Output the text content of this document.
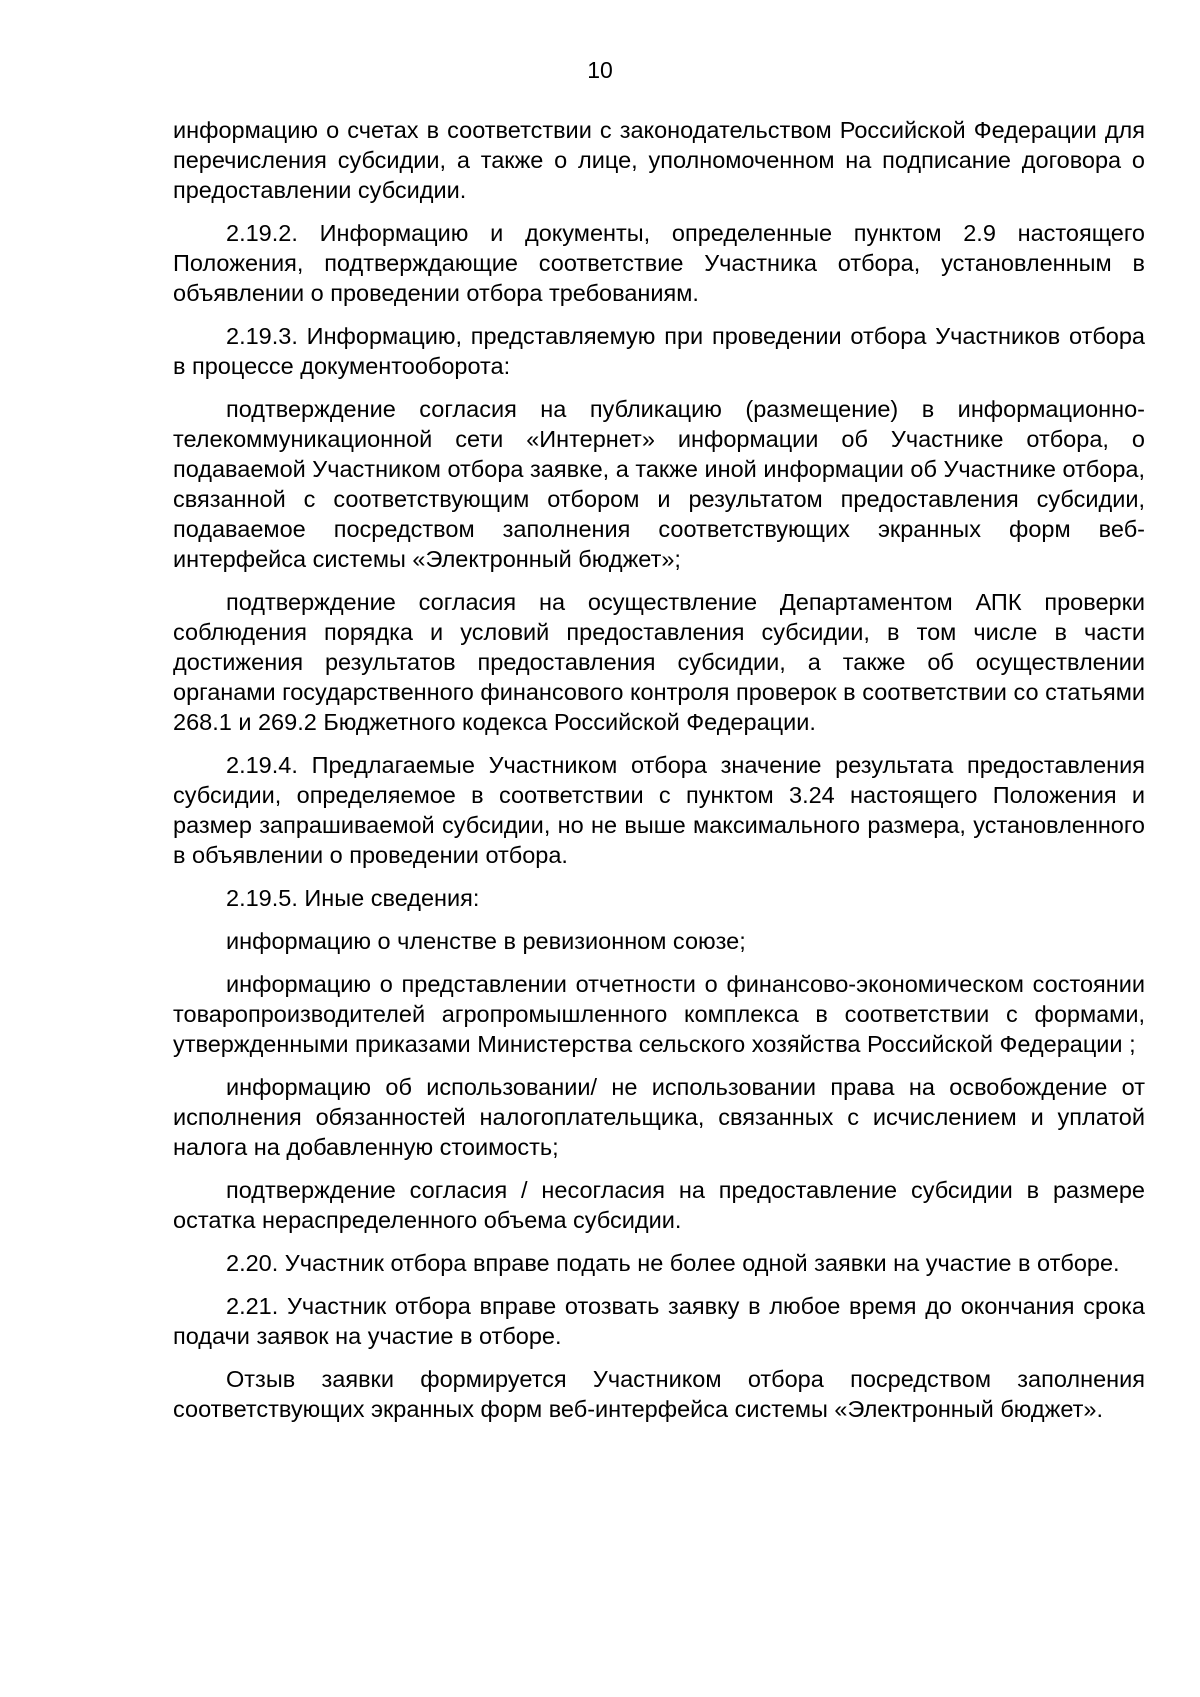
10

информацию о счетах в соответствии с законодательством Российской Федерации для перечисления субсидии, а также о лице, уполномоченном на подписание договора о предоставлении субсидии.

2.19.2. Информацию и документы, определенные пунктом 2.9 настоящего Положения, подтверждающие соответствие Участника отбора, установленным в объявлении о проведении отбора требованиям.

2.19.3. Информацию, представляемую при проведении отбора Участников отбора в процессе документооборота:

подтверждение согласия на публикацию (размещение) в информационно-телекоммуникационной сети «Интернет» информации об Участнике отбора, о подаваемой Участником отбора заявке, а также иной информации об Участнике отбора, связанной с соответствующим отбором и результатом предоставления субсидии, подаваемое посредством заполнения соответствующих экранных форм веб-интерфейса системы «Электронный бюджет»;

подтверждение согласия на осуществление Департаментом АПК проверки соблюдения порядка и условий предоставления субсидии, в том числе в части достижения результатов предоставления субсидии, а также об осуществлении органами государственного финансового контроля проверок в соответствии со статьями 268.1 и 269.2 Бюджетного кодекса Российской Федерации.

2.19.4. Предлагаемые Участником отбора значение результата предоставления субсидии, определяемое в соответствии с пунктом 3.24 настоящего Положения и размер запрашиваемой субсидии, но не выше максимального размера, установленного в объявлении о проведении отбора.

2.19.5. Иные сведения:

информацию о членстве в ревизионном союзе;

информацию о представлении отчетности о финансово-экономическом состоянии товаропроизводителей агропромышленного комплекса в соответствии с формами, утвержденными приказами Министерства сельского хозяйства Российской Федерации ;

информацию об использовании/ не использовании права на освобождение от исполнения обязанностей налогоплательщика, связанных с исчислением и уплатой налога на добавленную стоимость;

подтверждение согласия / несогласия на предоставление субсидии в размере остатка нераспределенного объема субсидии.

2.20. Участник отбора вправе подать не более одной заявки на участие в отборе.

2.21. Участник отбора вправе отозвать заявку в любое время до окончания срока подачи заявок на участие в отборе.

Отзыв заявки формируется Участником отбора посредством заполнения соответствующих экранных форм веб-интерфейса системы «Электронный бюджет».
